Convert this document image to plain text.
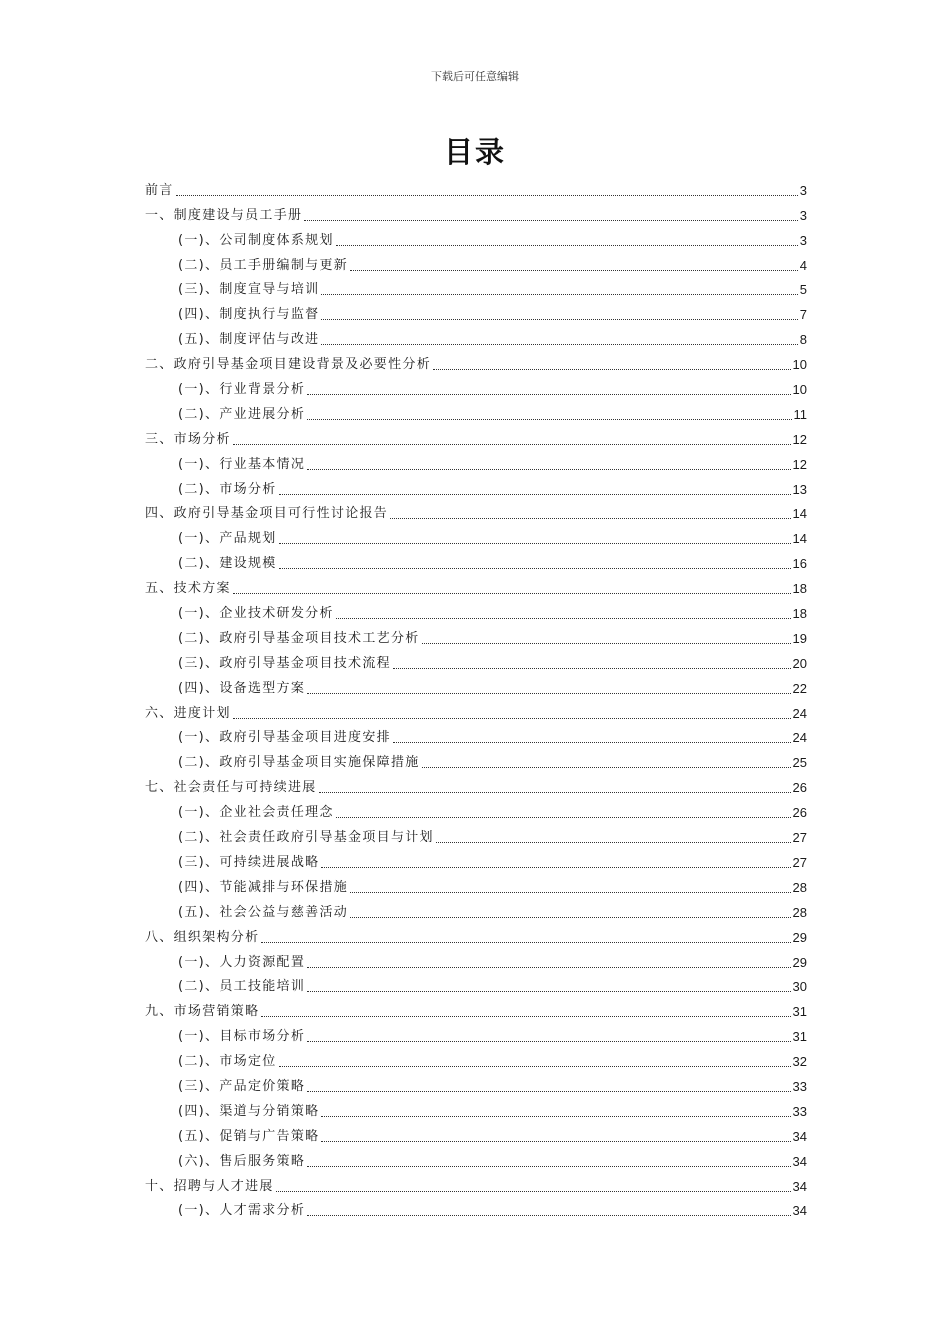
下载后可任意编辑
目录
前言	3
一、制度建设与员工手册	3
(一)、公司制度体系规划	3
(二)、员工手册编制与更新	4
(三)、制度宣导与培训	5
(四)、制度执行与监督	7
(五)、制度评估与改进	8
二、政府引导基金项目建设背景及必要性分析	10
(一)、行业背景分析	10
(二)、产业进展分析	11
三、市场分析	12
(一)、行业基本情况	12
(二)、市场分析	13
四、政府引导基金项目可行性讨论报告	14
(一)、产品规划	14
(二)、建设规模	16
五、技术方案	18
(一)、企业技术研发分析	18
(二)、政府引导基金项目技术工艺分析	19
(三)、政府引导基金项目技术流程	20
(四)、设备选型方案	22
六、进度计划	24
(一)、政府引导基金项目进度安排	24
(二)、政府引导基金项目实施保障措施	25
七、社会责任与可持续进展	26
(一)、企业社会责任理念	26
(二)、社会责任政府引导基金项目与计划	27
(三)、可持续进展战略	27
(四)、节能减排与环保措施	28
(五)、社会公益与慈善活动	28
八、组织架构分析	29
(一)、人力资源配置	29
(二)、员工技能培训	30
九、市场营销策略	31
(一)、目标市场分析	31
(二)、市场定位	32
(三)、产品定价策略	33
(四)、渠道与分销策略	33
(五)、促销与广告策略	34
(六)、售后服务策略	34
十、招聘与人才进展	34
(一)、人才需求分析	34
